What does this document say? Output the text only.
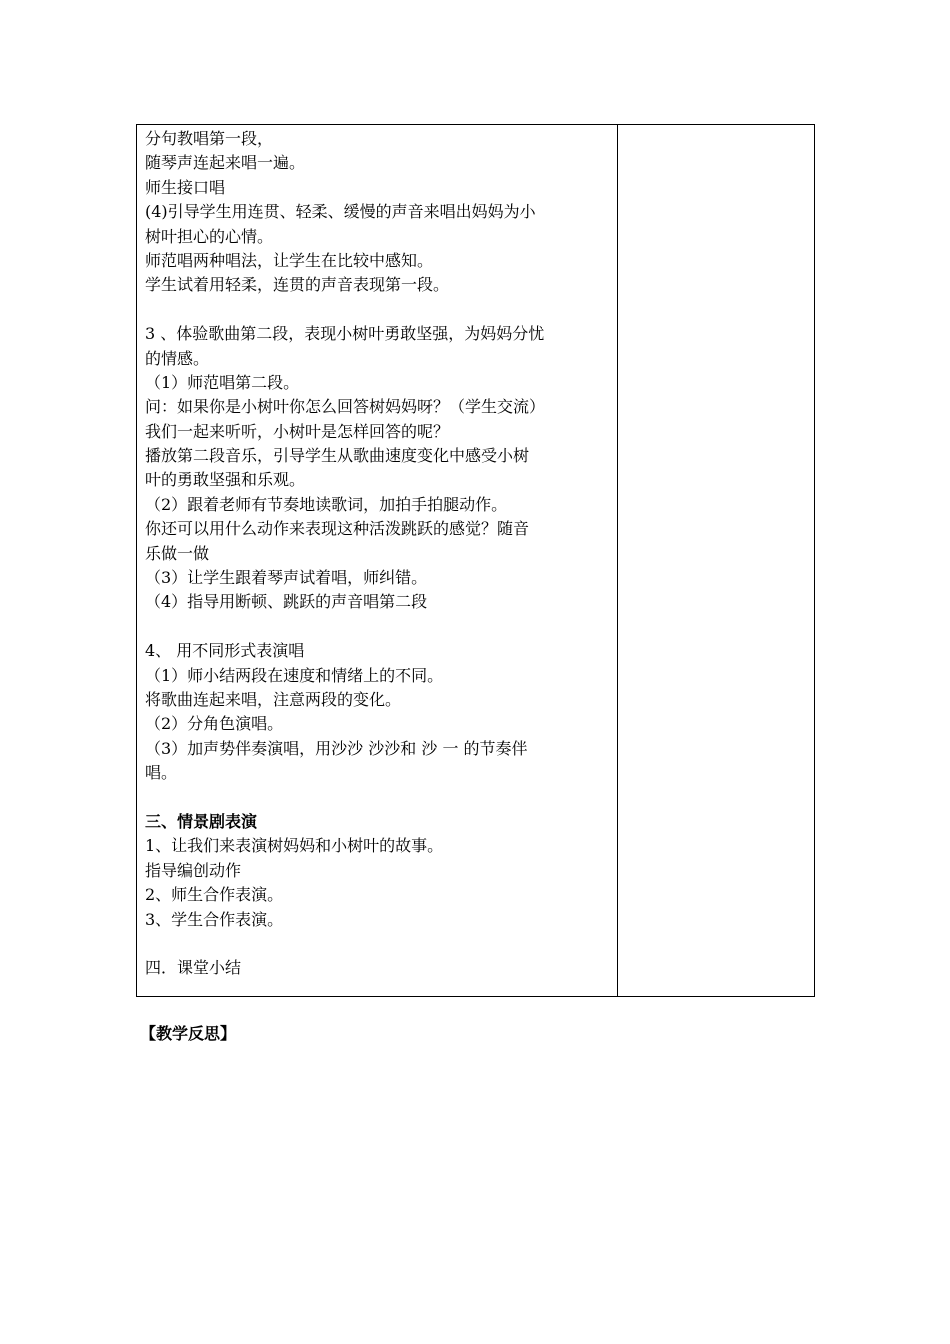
分句教唱第一段，
随琴声连起来唱一遍。
师生接口唱
(4)引导学生用连贯、轻柔、缓慢的声音来唱出妈妈为小
树叶担心的心情。
师范唱两种唱法，让学生在比较中感知。
学生试着用轻柔，连贯的声音表现第一段。
3 、体验歌曲第二段，表现小树叶勇敢坚强，为妈妈分忧
的情感。
（1）师范唱第二段。
问：如果你是小树叶你怎么回答树妈妈呀？（学生交流）
我们一起来听听，小树叶是怎样回答的呢？
播放第二段音乐，引导学生从歌曲速度变化中感受小树
叶的勇敢坚强和乐观。
（2）跟着老师有节奏地读歌词，加拍手拍腿动作。
你还可以用什么动作来表现这种活泼跳跃的感觉？随音
乐做一做
（3）让学生跟着琴声试着唱，师纠错。
（4）指导用断顿、跳跃的声音唱第二段
4、 用不同形式表演唱
（1）师小结两段在速度和情绪上的不同。
将歌曲连起来唱，注意两段的变化。
（2）分角色演唱。
（3）加声势伴奏演唱，用沙沙 沙沙和 沙 一 的节奏伴
唱。
三、情景剧表演
1、让我们来表演树妈妈和小树叶的故事。
指导编创动作
2、师生合作表演。
3、学生合作表演。
四．课堂小结
【教学反思】
